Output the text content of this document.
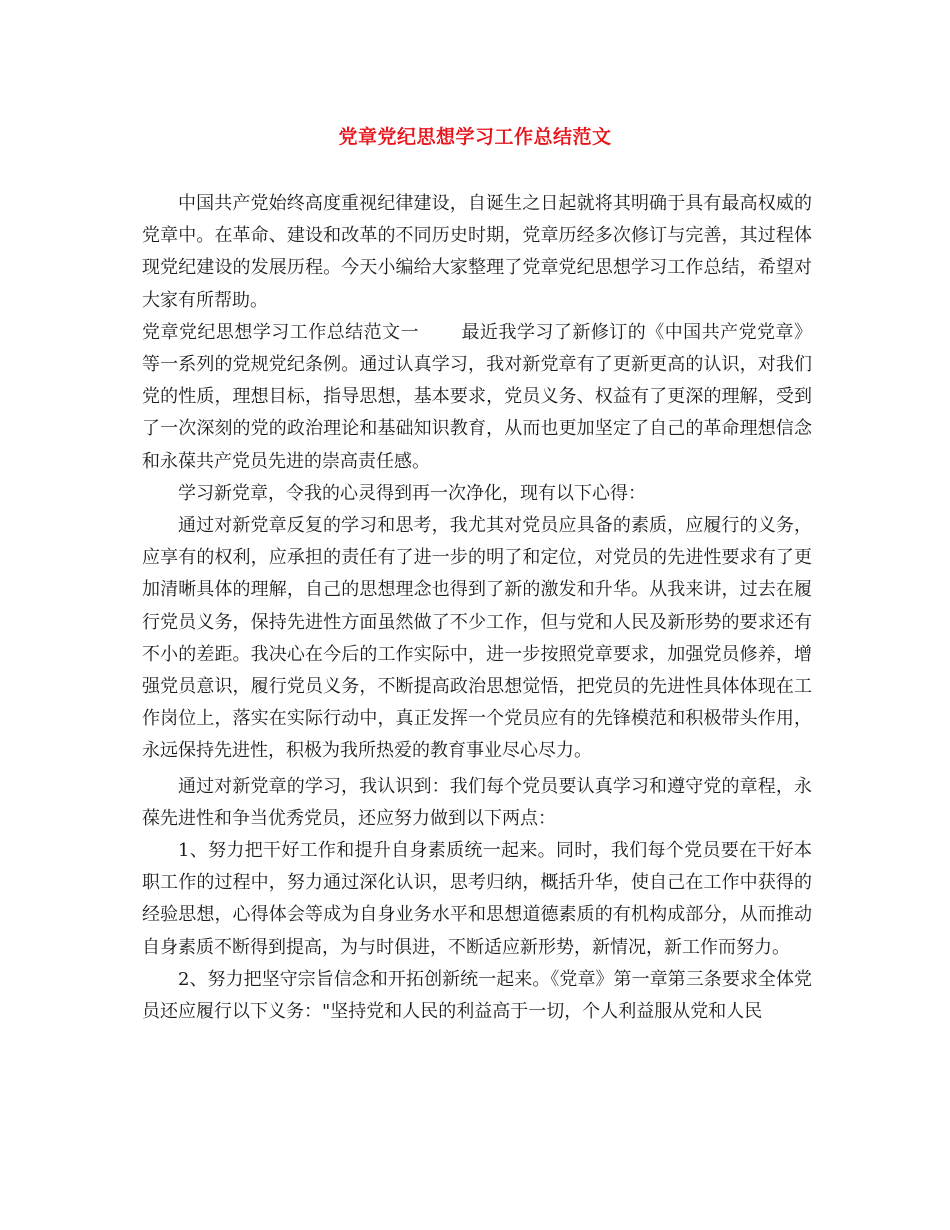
党章党纪思想学习工作总结范文

中国共产党始终高度重视纪律建设，自诞生之日起就将其明确于具有最高权威的党章中。在革命、建设和改革的不同历史时期，党章历经多次修订与完善，其过程体现党纪建设的发展历程。今天小编给大家整理了党章党纪思想学习工作总结，希望对大家有所帮助。

党章党纪思想学习工作总结范文一 最近我学习了新修订的《中国共产党党章》等一系列的党规党纪条例。通过认真学习，我对新党章有了更新更高的认识，对我们党的性质，理想目标，指导思想，基本要求，党员义务、权益有了更深的理解，受到了一次深刻的党的政治理论和基础知识教育，从而也更加坚定了自己的革命理想信念和永葆共产党员先进的崇高责任感。

学习新党章，令我的心灵得到再一次净化，现有以下心得：

通过对新党章反复的学习和思考，我尤其对党员应具备的素质，应履行的义务，应享有的权利，应承担的责任有了进一步的明了和定位，对党员的先进性要求有了更加清晰具体的理解，自己的思想理念也得到了新的激发和升华。从我来讲，过去在履行党员义务，保持先进性方面虽然做了不少工作，但与党和人民及新形势的要求还有不小的差距。我决心在今后的工作实际中，进一步按照党章要求，加强党员修养，增强党员意识，履行党员义务，不断提高政治思想觉悟，把党员的先进性具体体现在工作岗位上，落实在实际行动中，真正发挥一个党员应有的先锋模范和积极带头作用，永远保持先进性，积极为我所热爱的教育事业尽心尽力。

通过对新党章的学习，我认识到：我们每个党员要认真学习和遵守党的章程，永葆先进性和争当优秀党员，还应努力做到以下两点：

1、努力把干好工作和提升自身素质统一起来。同时，我们每个党员要在干好本职工作的过程中，努力通过深化认识，思考归纳，概括升华，使自己在工作中获得的经验思想，心得体会等成为自身业务水平和思想道德素质的有机构成部分，从而推动自身素质不断得到提高，为与时俱进，不断适应新形势，新情况，新工作而努力。

2、努力把坚守宗旨信念和开拓创新统一起来。《党章》第一章第三条要求全体党员还应履行以下义务："坚持党和人民的利益高于一切，个人利益服从党和人民
